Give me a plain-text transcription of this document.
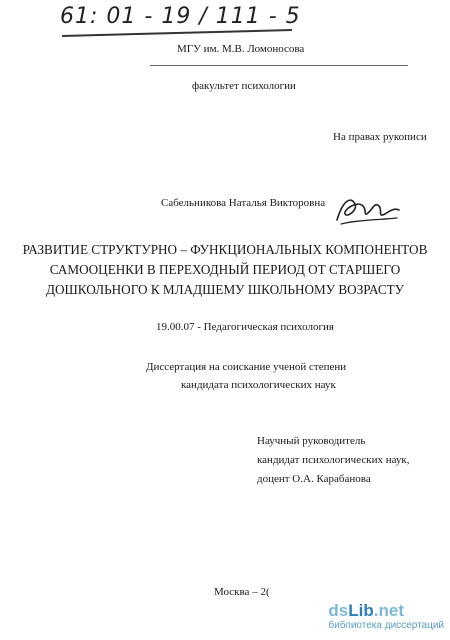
61: 01 - 19 / 111 - 5
МГУ им. М.В. Ломоносова
факультет психологии
На правах рукописи
Сабельникова Наталья Викторовна
РАЗВИТИЕ СТРУКТУРНО – ФУНКЦИОНАЛЬНЫХ КОМПОНЕНТОВ
САМООЦЕНКИ В ПЕРЕХОДНЫЙ ПЕРИОД ОТ СТАРШЕГО
ДОШКОЛЬНОГО К МЛАДШЕМУ ШКОЛЬНОМУ ВОЗРАСТУ
19.00.07 - Педагогическая психология
Диссертация на соискание ученой степени
кандидата психологических наук
Научный руководитель
кандидат психологических наук,
доцент О.А. Карабанова
Москва – 2(
dsLib.net
библиотека диссертаций
